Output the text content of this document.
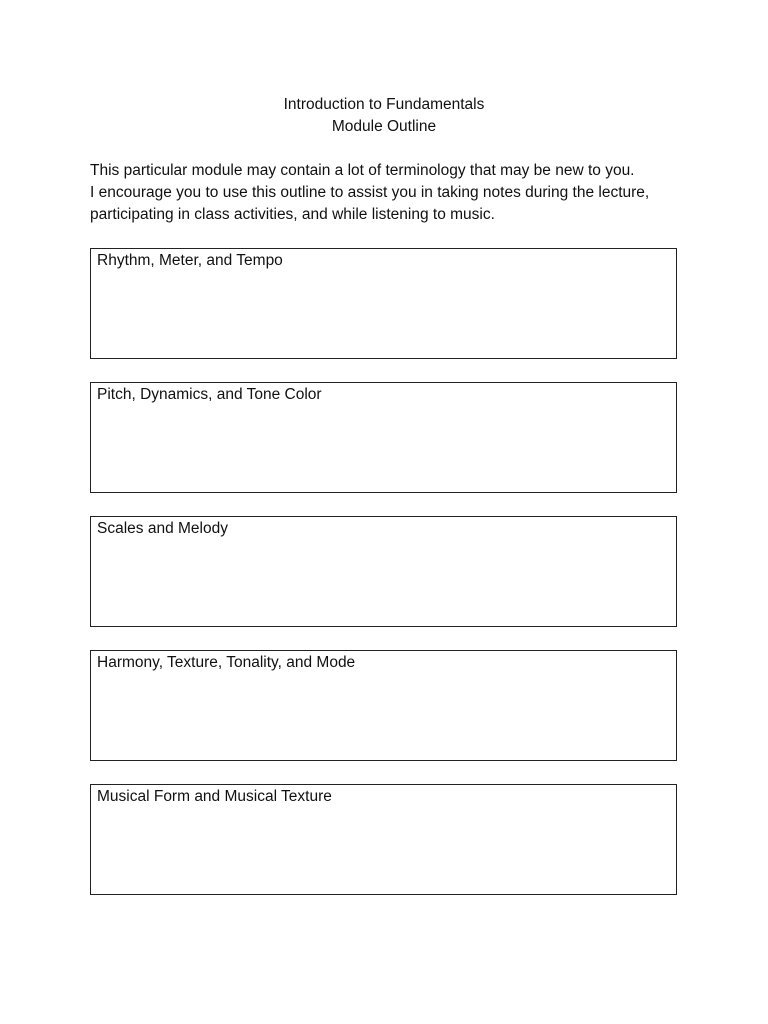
Introduction to Fundamentals
Module Outline
This particular module may contain a lot of terminology that may be new to you.
I encourage you to use this outline to assist you in taking notes during the lecture,
participating in class activities, and while listening to music.
Rhythm, Meter, and Tempo
Pitch, Dynamics, and Tone Color
Scales and Melody
Harmony, Texture, Tonality, and Mode
Musical Form and Musical Texture
